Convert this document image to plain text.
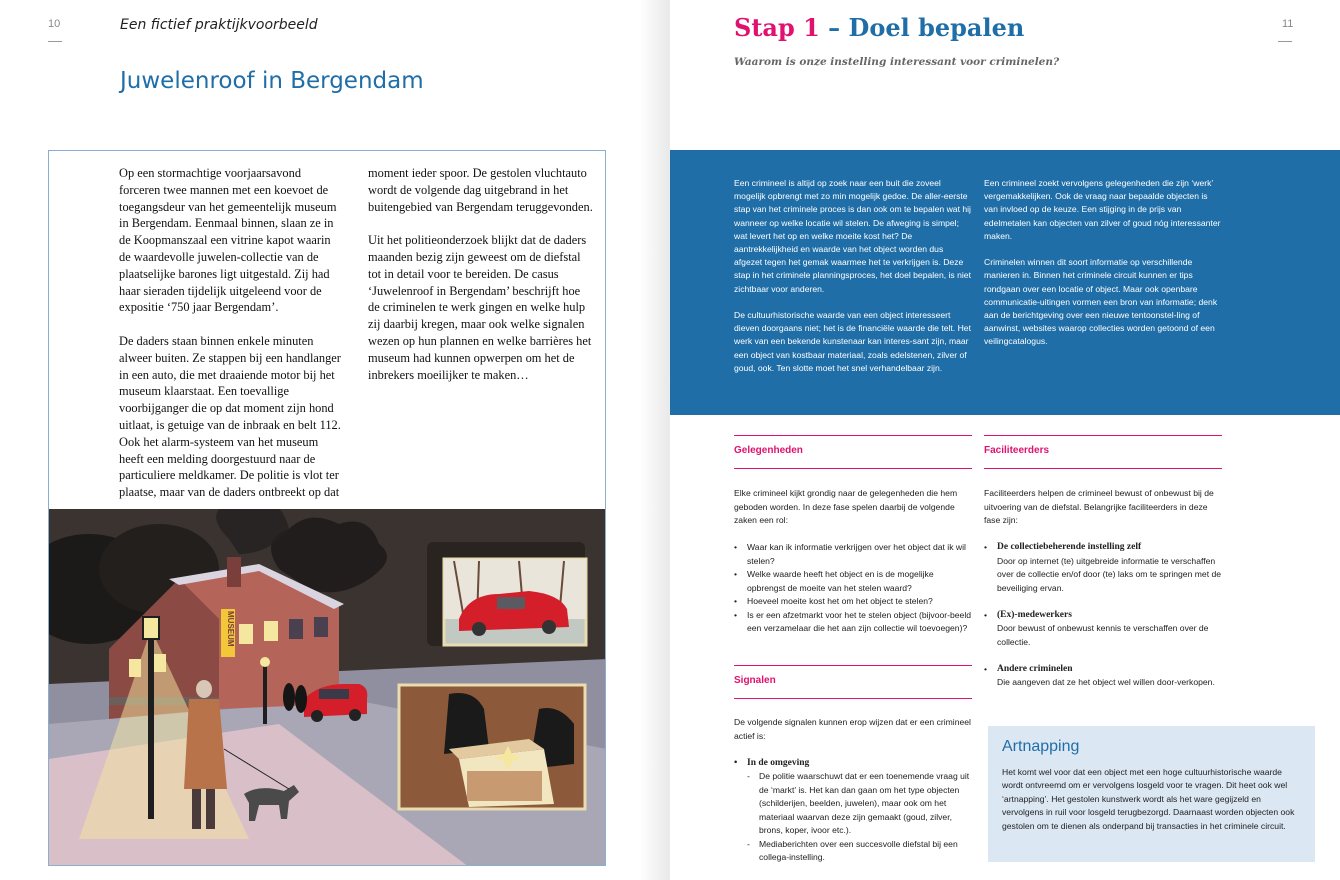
10	Een fictief praktijkvoorbeeld
Juwelenroof in Bergendam

Op een stormachtige voorjaarsavond forceren twee mannen met een koevoet de toegangsdeur van het gemeentelijk museum in Bergendam. Eenmaal binnen, slaan ze in de Koopmanszaal een vitrine kapot waarin de waardevolle juwelen-collectie van de plaatselijke barones ligt uitgestald. Zij had haar sieraden tijdelijk uitgeleend voor de expositie ‘750 jaar Bergendam’.

De daders staan binnen enkele minuten alweer buiten. Ze stappen bij een handlanger in een auto, die met draaiende motor bij het museum klaarstaat. Een toevallige voorbijganger die op dat moment zijn hond uitlaat, is getuige van de inbraak en belt 112. Ook het alarm-systeem van het museum heeft een melding doorgestuurd naar de particuliere meldkamer. De politie is vlot ter plaatse, maar van de daders ontbreekt op dat moment ieder spoor. De gestolen vluchtauto wordt de volgende dag uitgebrand in het buitengebied van Bergendam teruggevonden.

Uit het politieonderzoek blijkt dat de daders maanden bezig zijn geweest om de diefstal tot in detail voor te bereiden. De casus ‘Juwelenroof in Bergendam’ beschrijft hoe de criminelen te werk gingen en welke hulp zij daarbij kregen, maar ook welke signalen wezen op hun plannen en welke barrières het museum had kunnen opwerpen om het de inbrekers moeilijker te maken…

MUSEUM
11
Stap 1 – Doel bepalen
Waarom is onze instelling interessant voor criminelen?

Een crimineel is altijd op zoek naar een buit die zoveel mogelijk opbrengt met zo min mogelijk gedoe. De aller-eerste stap van het criminele proces is dan ook om te bepalen wat hij wanneer op welke locatie wil stelen. De afweging is simpel; wat levert het op en welke moeite kost het? De aantrekkelijkheid en waarde van het object worden dus afgezet tegen het gemak waarmee het te verkrijgen is. Deze stap in het criminele planningsproces, het doel bepalen, is niet zichtbaar voor anderen.

De cultuurhistorische waarde van een object interesseert dieven doorgaans niet; het is de financiële waarde die telt. Het werk van een bekende kunstenaar kan interes-sant zijn, maar een object van kostbaar materiaal, zoals edelstenen, zilver of goud, ook. Ten slotte moet het snel verhandelbaar zijn.

Een crimineel zoekt vervolgens gelegenheden die zijn ‘werk’ vergemakkelijken. Ook de vraag naar bepaalde objecten is van invloed op de keuze. Een stijging in de prijs van edelmetalen kan objecten van zilver of goud nóg interessanter maken.

Criminelen winnen dit soort informatie op verschillende manieren in. Binnen het criminele circuit kunnen er tips rondgaan over een locatie of object. Maar ook openbare communicatie-uitingen vormen een bron van informatie; denk aan de berichtgeving over een nieuwe tentoonstel-ling of aanwinst, websites waarop collecties worden getoond of een veilingcatalogus.

Gelegenheden

Elke crimineel kijkt grondig naar de gelegenheden die hem geboden worden. In deze fase spelen daarbij de volgende zaken een rol:

• Waar kan ik informatie verkrijgen over het object dat ik wil stelen?
• Welke waarde heeft het object en is de mogelijke opbrengst de moeite van het stelen waard?
• Hoeveel moeite kost het om het object te stelen?
• Is er een afzetmarkt voor het te stelen object (bijvoor-beeld een verzamelaar die het aan zijn collectie wil toevoegen)?
Signalen

De volgende signalen kunnen erop wijzen dat er een crimineel actief is:

• In de omgeving
- De politie waarschuwt dat er een toenemende vraag uit de ‘markt’ is. Het kan dan gaan om het type objecten (schilderijen, beelden, juwelen), maar ook om het materiaal waarvan deze zijn gemaakt (goud, zilver, brons, koper, ivoor etc.).
- Mediaberichten over een succesvolle diefstal bij een collega-instelling.
Faciliteerders

Faciliteerders helpen de crimineel bewust of onbewust bij de uitvoering van de diefstal. Belangrijke faciliteerders in deze fase zijn:

• De collectiebeherende instelling zelf
Door op internet (te) uitgebreide informatie te verschaffen over de collectie en/of door (te) laks om te springen met de beveiliging ervan.
• (Ex)-medewerkers
Door bewust of onbewust kennis te verschaffen over de collectie.
• Andere criminelen
Die aangeven dat ze het object wel willen door-verkopen.
Artnapping
Het komt wel voor dat een object met een hoge cultuurhistorische waarde wordt ontvreemd om er vervolgens losgeld voor te vragen. Dit heet ook wel ‘artnapping’. Het gestolen kunstwerk wordt als het ware gegijzeld en vervolgens in ruil voor losgeld terugbezorgd. Daarnaast worden objecten ook gestolen om te dienen als onderpand bij transacties in het criminele circuit.
